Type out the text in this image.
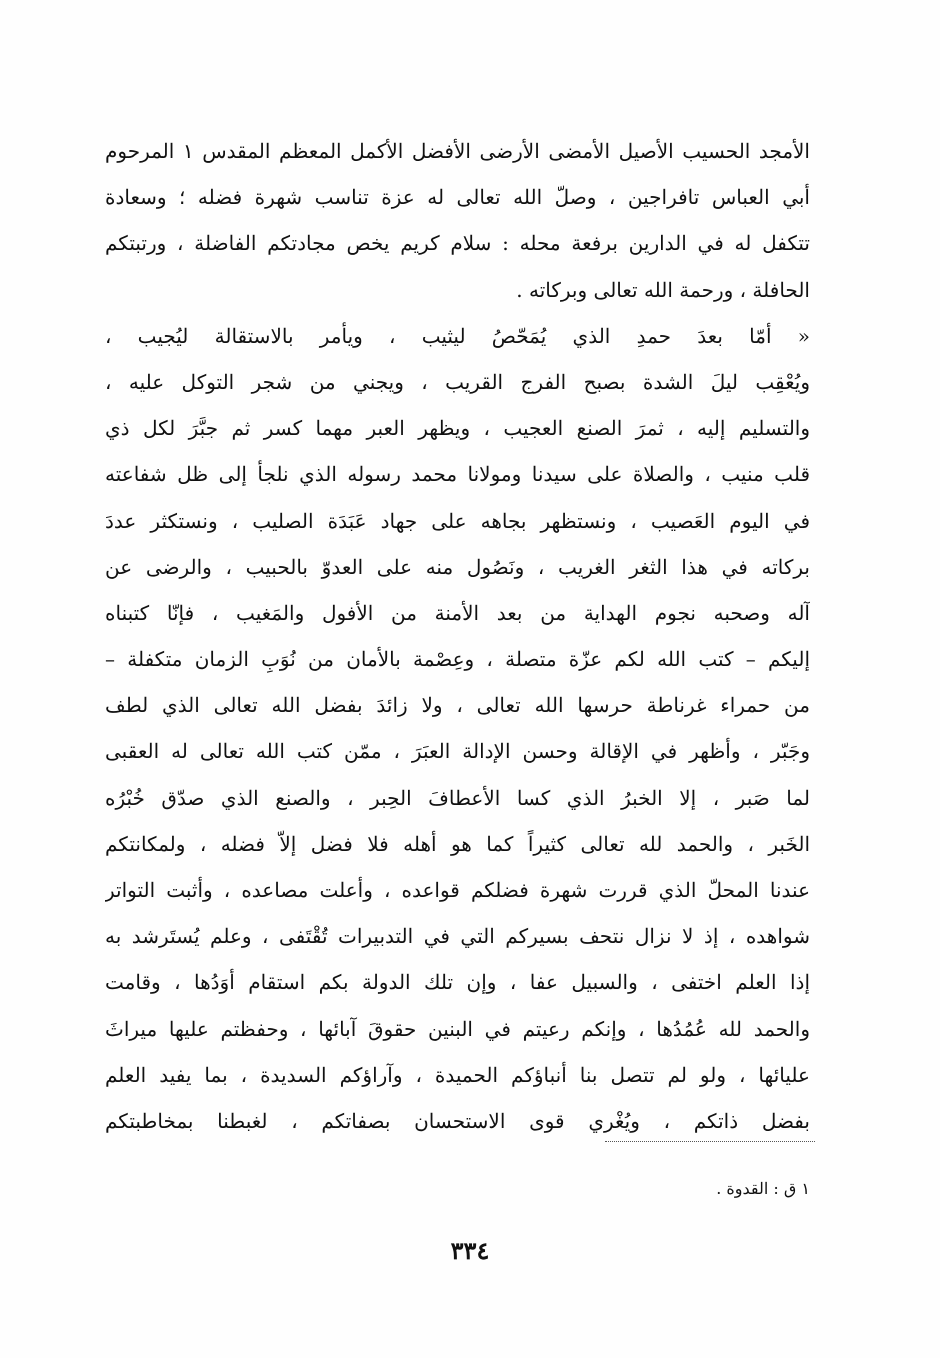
الأمجد الحسيب الأصيل الأمضى الأرضى الأفضل الأكمل المعظم المقدس ١ المرحوم
أبي العباس تافراجين ، وصلّ الله تعالى له عزة تناسب شهرة فضله ؛ وسعادة
تتكفل له في الدارين برفعة محله : سلام كريم يخص مجادتكم الفاضلة ، ورتبتكم
الحافلة ، ورحمة الله تعالى وبركاته .
« أمّا بعدَ حمدِ الذي يُمَحّصُ ليثيب ، ويأمر بالاستقالة ليُجيب ،
ويُعْقِب ليلَ الشدة بصبح الفرج القريب ، ويجني من شجر التوكل عليه ،
والتسليم إليه ، ثمرَ الصنع العجيب ، ويظهر العبر مهما كسر ثم جبَّرَ لكل ذي
قلب منيب ، والصلاة على سيدنا ومولانا محمد رسوله الذي نلجأ إلى ظل شفاعته
في اليوم العَصيب ، ونستظهر بجاهه على جهاد عَبَدَة الصليب ، ونستكثر عددَ
بركاته في هذا الثغر الغريب ، ونَصُول منه على العدوّ بالحبيب ، والرضى عن
آله وصحبه نجوم الهداية من بعد الأمنة من الأفول والمَغيب ، فإنّا كتبناه
إليكم – كتب الله لكم عزّة متصلة ، وعِصْمة بالأمان من نُوَبِ الزمان متكفلة –
من حمراء غرناطة حرسها الله تعالى ، ولا زائدَ بفضل الله تعالى الذي لطف
وجَبّر ، وأظهر في الإقالة وحسن الإدالة العبَرَ ، ممّن كتب الله تعالى له العقبى
لما صَبر ، إلا الخبرُ الذي كسا الأعطافَ الحِبر ، والصنع الذي صدّق خُبْرُه
الخَبر ، والحمد لله تعالى كثيراً كما هو أهله فلا فضل إلاّ فضله ، ولمكانتكم
عندنا المحلّ الذي قررت شهرة فضلكم قواعده ، وأعلت مصاعده ، وأثبت التواتر
شواهده ، إذ لا نزال نتحف بسيركم التي في التدبيرات تُقْتَفى ، وعلم يُستَرشد به
إذا العلم اختفى ، والسبيل عفا ، وإن تلك الدولة بكم استقام أوَدُها ، وقامت
والحمد لله عُمُدُها ، وإنكم رعيتم في البنين حقوقَ آبائها ، وحفظتم عليها ميراثَ
عليائها ، ولو لم تتصل بنا أنباؤكم الحميدة ، وآراؤكم السديدة ، بما يفيد العلم
بفضل ذاتكم ، ويُغْري قوى الاستحسان بصفاتكم ، لغبطنا بمخاطبتكم
١ ق : القدوة .
٣٣٤
